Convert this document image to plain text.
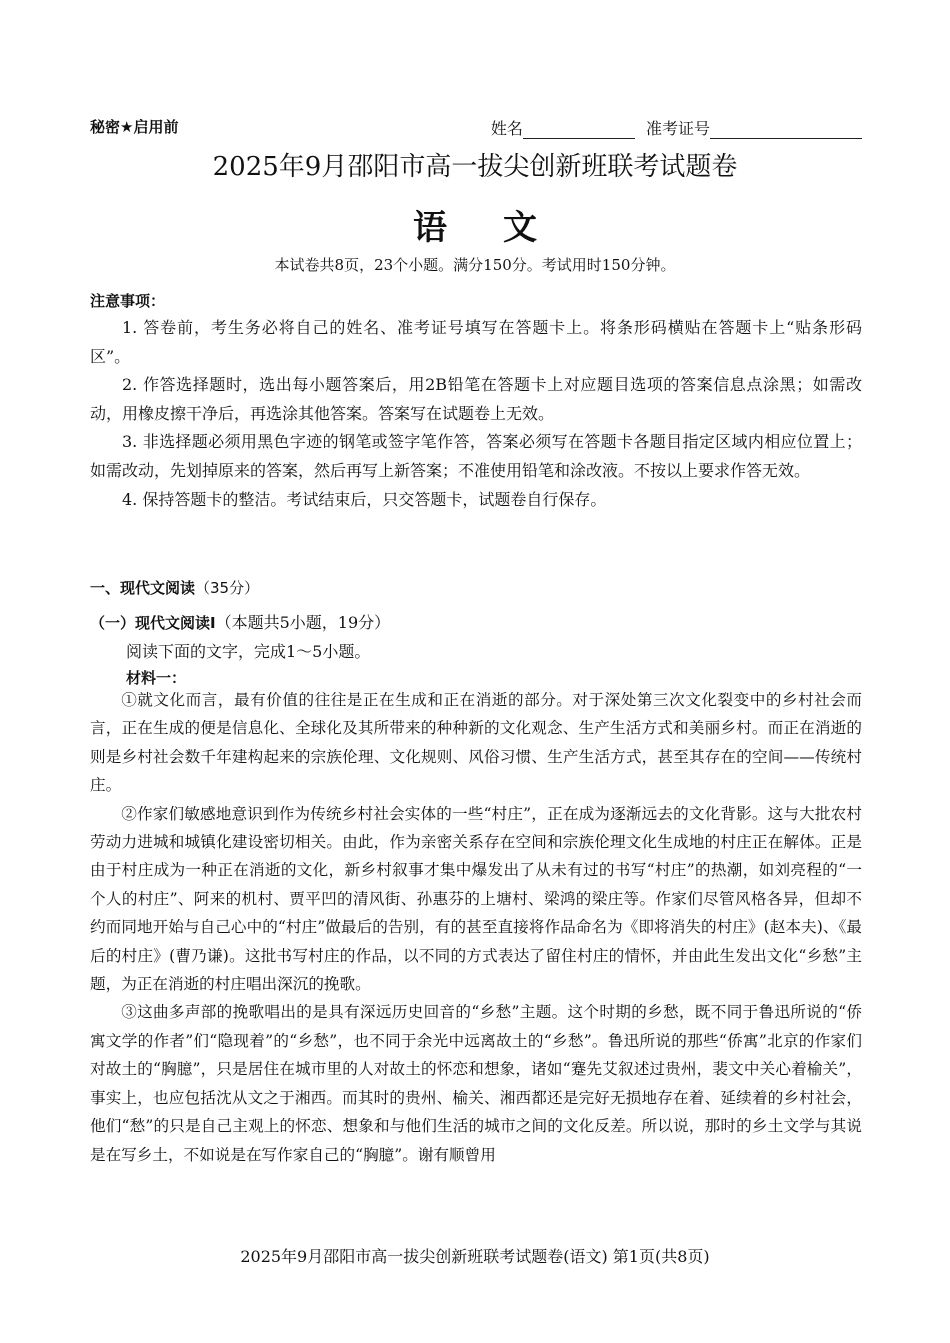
秘密★启用前	姓名	准考证号
2025年9月邵阳市高一拔尖创新班联考试题卷
语 文
本试卷共8页，23个小题。满分150分。考试用时150分钟。
注意事项：

1. 答卷前，考生务必将自己的姓名、准考证号填写在答题卡上。将条形码横贴在答题卡上“贴条形码区”。

2. 作答选择题时，选出每小题答案后，用2B铅笔在答题卡上对应题目选项的答案信息点涂黑；如需改动，用橡皮擦干净后，再选涂其他答案。答案写在试题卷上无效。

3. 非选择题必须用黑色字迹的钢笔或签字笔作答，答案必须写在答题卡各题目指定区域内相应位置上；如需改动，先划掉原来的答案，然后再写上新答案；不准使用铅笔和涂改液。不按以上要求作答无效。

4. 保持答题卡的整洁。考试结束后，只交答题卡，试题卷自行保存。

一、现代文阅读（35分）
（一）现代文阅读Ⅰ（本题共5小题，19分）
阅读下面的文字，完成1～5小题。
材料一：

①就文化而言，最有价值的往往是正在生成和正在消逝的部分。对于深处第三次文化裂变中的乡村社会而言，正在生成的便是信息化、全球化及其所带来的种种新的文化观念、生产生活方式和美丽乡村。而正在消逝的则是乡村社会数千年建构起来的宗族伦理、文化规则、风俗习惯、生产生活方式，甚至其存在的空间——传统村庄。

②作家们敏感地意识到作为传统乡村社会实体的一些“村庄”，正在成为逐渐远去的文化背影。这与大批农村劳动力进城和城镇化建设密切相关。由此，作为亲密关系存在空间和宗族伦理文化生成地的村庄正在解体。正是由于村庄成为一种正在消逝的文化，新乡村叙事才集中爆发出了从未有过的书写“村庄”的热潮，如刘亮程的“一个人的村庄”、阿来的机村、贾平凹的清风街、孙惠芬的上塘村、梁鸿的梁庄等。作家们尽管风格各异，但却不约而同地开始与自己心中的“村庄”做最后的告别，有的甚至直接将作品命名为《即将消失的村庄》(赵本夫)、《最后的村庄》(曹乃谦)。这批书写村庄的作品，以不同的方式表达了留住村庄的情怀，并由此生发出文化“乡愁”主题，为正在消逝的村庄唱出深沉的挽歌。

③这曲多声部的挽歌唱出的是具有深远历史回音的“乡愁”主题。这个时期的乡愁，既不同于鲁迅所说的“侨寓文学的作者”们“隐现着”的“乡愁”，也不同于余光中远离故土的“乡愁”。鲁迅所说的那些“侨寓”北京的作家们对故土的“胸臆”，只是居住在城市里的人对故土的怀恋和想象，诸如“蹇先艾叙述过贵州，裴文中关心着榆关”，事实上，也应包括沈从文之于湘西。而其时的贵州、榆关、湘西都还是完好无损地存在着、延续着的乡村社会，他们“愁”的只是自己主观上的怀恋、想象和与他们生活的城市之间的文化反差。所以说，那时的乡土文学与其说是在写乡土，不如说是在写作家自己的“胸臆”。谢有顺曾用

2025年9月邵阳市高一拔尖创新班联考试题卷(语文) 第1页(共8页)
